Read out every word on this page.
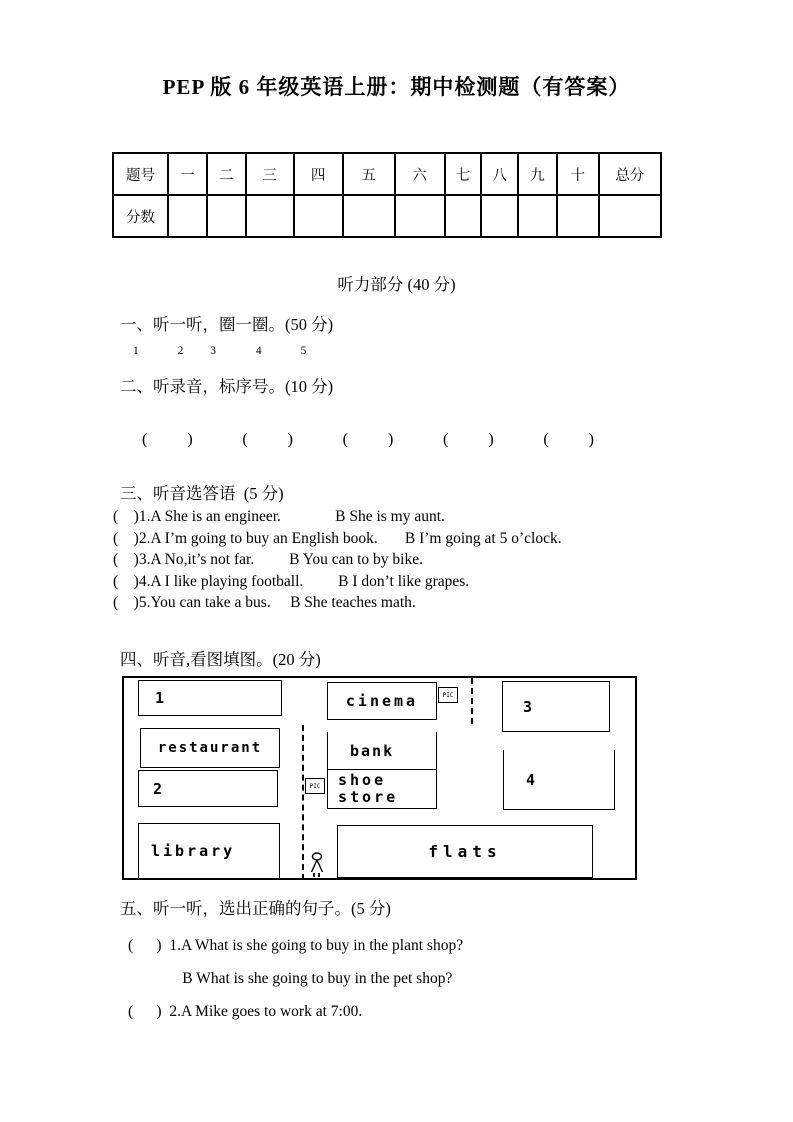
PEP 版 6 年级英语上册：期中检测题（有答案）
题号	一	二	三	四	五	六	七	八	九	十	总分
分数											
听力部分 (40 分)
一、听一听，圈一圈。(50 分)
1	2 3	4	5
二、听录音，标序号。(10 分)
(          )	(          )	(          )	(          )	(          )
三、听音选答语  (5 分)
(    )1.A She is an engineer.              B She is my aunt.
(    )2.A I’m going to buy an English book.       B I’m going at 5 o’clock.
(    )3.A No,it’s not far.         B You can to by bike.
(    )4.A I like playing football.         B I don’t like grapes.
(    )5.You can take a bus.     B She teaches math.
四、听音,看图填图。(20 分)
1
restaurant
2
library
cinema	PIC
bank
shoe
store
PIC
3
4
flats
五、听一听，选出正确的句子。(5 分)
(      )  1.A What is she going to buy in the plant shop?
B What is she going to buy in the pet shop?
(      )  2.A Mike goes to work at 7:00.
